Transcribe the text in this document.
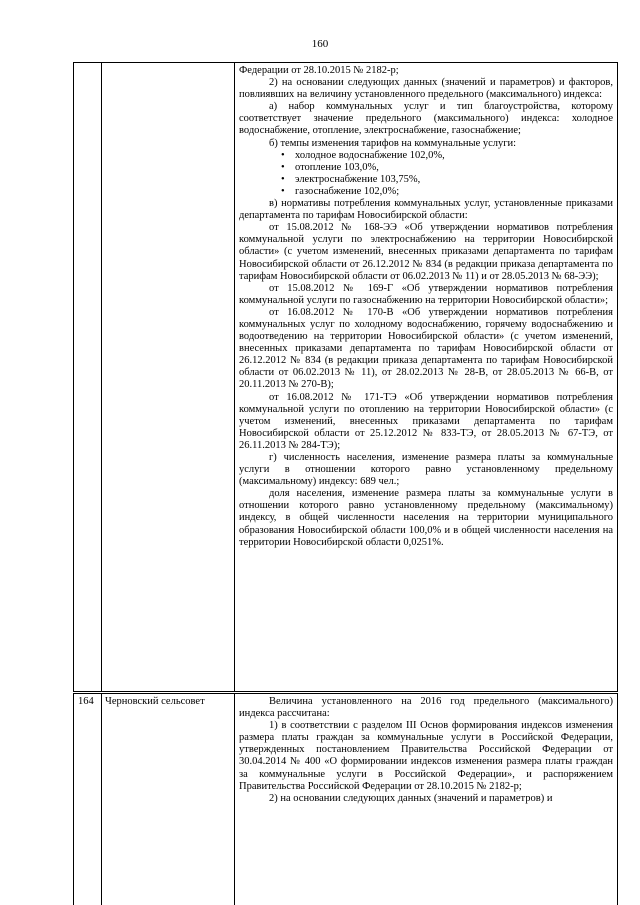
160

Федерации от 28.10.2015 № 2182-р;

2) на основании следующих данных (значений и параметров) и факторов, повлиявших на величину установленного предельного (максимального) индекса:

а) набор коммунальных услуг и тип благоустройства, которому соответствует значение предельного (максимального) индекса: холодное водоснабжение, отопление, электроснабжение, газоснабжение;

б) темпы изменения тарифов на коммунальные услуги:

• холодное водоснабжение 102,0%,
• отопление 103,0%,
• электроснабжение 103,75%,
• газоснабжение 102,0%;

в) нормативы потребления коммунальных услуг, установленные приказами департамента по тарифам Новосибирской области:

от 15.08.2012 № 168-ЭЭ «Об утверждении нормативов потребления коммунальной услуги по электроснабжению на территории Новосибирской области» (с учетом изменений, внесенных приказами департамента по тарифам Новосибирской области от 26.12.2012 № 834 (в редакции приказа департамента по тарифам Новосибирской области от 06.02.2013 № 11) и от 28.05.2013 № 68-ЭЭ);

от 15.08.2012 № 169-Г «Об утверждении нормативов потребления коммунальной услуги по газоснабжению на территории Новосибирской области»;

от 16.08.2012 № 170-В «Об утверждении нормативов потребления коммунальных услуг по холодному водоснабжению, горячему водоснабжению и водоотведению на территории Новосибирской области» (с учетом изменений, внесенных приказами департамента по тарифам Новосибирской области от 26.12.2012 № 834 (в редакции приказа департамента по тарифам Новосибирской области от 06.02.2013 № 11), от 28.02.2013 № 28-В, от 28.05.2013 № 66-В, от 20.11.2013 № 270-В);

от 16.08.2012 № 171-ТЭ «Об утверждении нормативов потребления коммунальной услуги по отоплению на территории Новосибирской области» (с учетом изменений, внесенных приказами департамента по тарифам Новосибирской области от 25.12.2012 № 833-ТЭ, от 28.05.2013 № 67-ТЭ, от 26.11.2013 № 284-ТЭ);

г) численность населения, изменение размера платы за коммунальные услуги в отношении которого равно установленному предельному (максимальному) индексу: 689 чел.;

доля населения, изменение размера платы за коммунальные услуги в отношении которого равно установленному предельному (максимальному) индексу, в общей численности населения на территории муниципального образования Новосибирской области 100,0% и в общей численности населения на территории Новосибирской области 0,0251%.

164	Черновский сельсовет	Величина установленного на 2016 год предельного (максимального) индекса рассчитана:

1) в соответствии с разделом III Основ формирования индексов изменения размера платы граждан за коммунальные услуги в Российской Федерации, утвержденных постановлением Правительства Российской Федерации от 30.04.2014 № 400 «О формировании индексов изменения размера платы граждан за коммунальные услуги в Российской Федерации», и распоряжением Правительства Российской Федерации от 28.10.2015 № 2182-р;

2) на основании следующих данных (значений и параметров) и
